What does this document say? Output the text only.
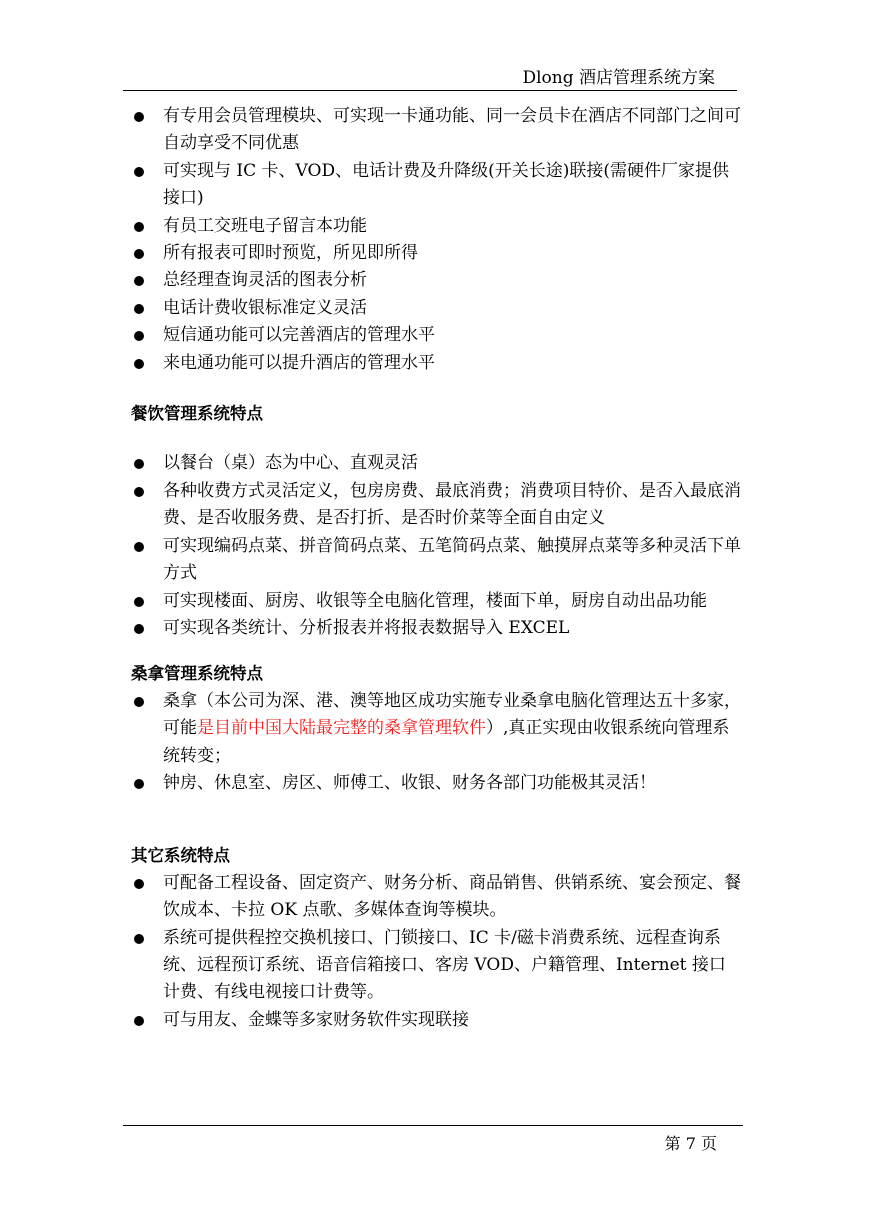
Dlong 酒店管理系统方案
有专用会员管理模块、可实现一卡通功能、同一会员卡在酒店不同部门之间可自动享受不同优惠
可实现与 IC 卡、VOD、电话计费及升降级(开关长途)联接(需硬件厂家提供接口)
有员工交班电子留言本功能
所有报表可即时预览，所见即所得
总经理查询灵活的图表分析
电话计费收银标准定义灵活
短信通功能可以完善酒店的管理水平
来电通功能可以提升酒店的管理水平

餐饮管理系统特点

以餐台（桌）态为中心、直观灵活
各种收费方式灵活定义，包房房费、最底消费；消费项目特价、是否入最底消费、是否收服务费、是否打折、是否时价菜等全面自由定义
可实现编码点菜、拼音简码点菜、五笔简码点菜、触摸屏点菜等多种灵活下单方式
可实现楼面、厨房、收银等全电脑化管理，楼面下单，厨房自动出品功能
可实现各类统计、分析报表并将报表数据导入 EXCEL

桑拿管理系统特点

桑拿（本公司为深、港、澳等地区成功实施专业桑拿电脑化管理达五十多家，可能是目前中国大陆最完整的桑拿管理软件）,真正实现由收银系统向管理系统转变；
钟房、休息室、房区、师傅工、收银、财务各部门功能极其灵活！

其它系统特点

可配备工程设备、固定资产、财务分析、商品销售、供销系统、宴会预定、餐饮成本、卡拉 OK 点歌、多媒体查询等模块。
系统可提供程控交换机接口、门锁接口、IC 卡/磁卡消费系统、远程查询系统、远程预订系统、语音信箱接口、客房 VOD、户籍管理、Internet 接口计费、有线电视接口计费等。
可与用友、金蝶等多家财务软件实现联接
第 7 页
